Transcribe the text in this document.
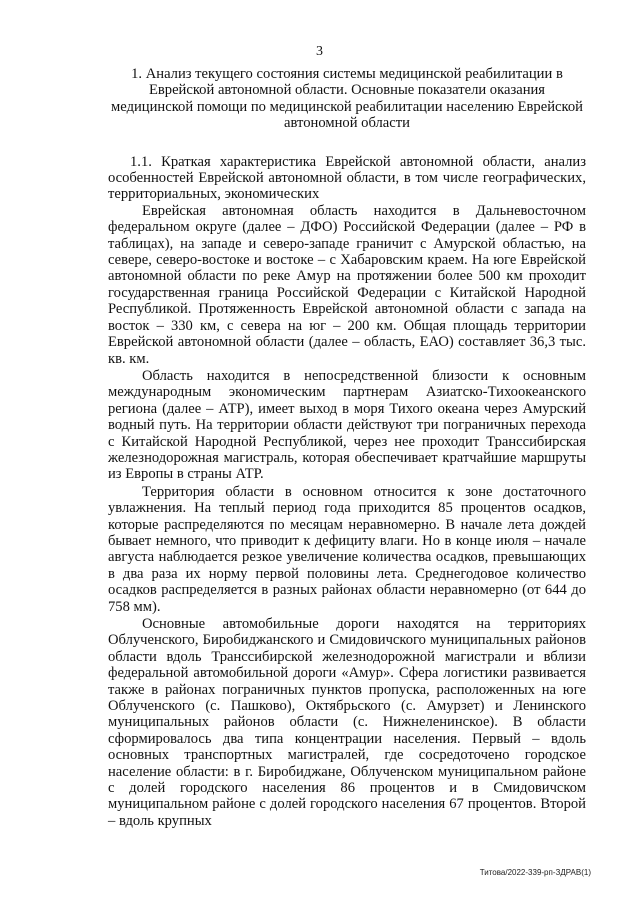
3
1. Анализ текущего состояния системы медицинской реабилитации в Еврейской автономной области. Основные показатели оказания медицинской помощи по медицинской реабилитации населению Еврейской автономной области
1.1. Краткая характеристика Еврейской автономной области, анализ особенностей Еврейской автономной области, в том числе географических, территориальных, экономических

Еврейская автономная область находится в Дальневосточном федеральном округе (далее – ДФО) Российской Федерации (далее – РФ в таблицах), на западе и северо-западе граничит с Амурской областью, на севере, северо-востоке и востоке – с Хабаровским краем. На юге Еврейской автономной области по реке Амур на протяжении более 500 км проходит государственная граница Российской Федерации с Китайской Народной Республикой. Протяженность Еврейской автономной области с запада на восток – 330 км, с севера на юг – 200 км. Общая площадь территории Еврейской автономной области (далее – область, ЕАО) составляет 36,3 тыс. кв. км.

Область находится в непосредственной близости к основным международным экономическим партнерам Азиатско-Тихоокеанского региона (далее – АТР), имеет выход в моря Тихого океана через Амурский водный путь. На территории области действуют три пограничных перехода с Китайской Народной Республикой, через нее проходит Транссибирская железнодорожная магистраль, которая обеспечивает кратчайшие маршруты из Европы в страны АТР.

Территория области в основном относится к зоне достаточного увлажнения. На теплый период года приходится 85 процентов осадков, которые распределяются по месяцам неравномерно. В начале лета дождей бывает немного, что приводит к дефициту влаги. Но в конце июля – начале августа наблюдается резкое увеличение количества осадков, превышающих в два раза их норму первой половины лета. Среднегодовое количество осадков распределяется в разных районах области неравномерно (от 644 до 758 мм).

Основные автомобильные дороги находятся на территориях Облученского, Биробиджанского и Смидовичского муниципальных районов области вдоль Транссибирской железнодорожной магистрали и вблизи федеральной автомобильной дороги «Амур». Сфера логистики развивается также в районах пограничных пунктов пропуска, расположенных на юге Облученского (с. Пашково), Октябрьского (с. Амурзет) и Ленинского муниципальных районов области (с. Нижнеленинское). В области сформировалось два типа концентрации населения. Первый – вдоль основных транспортных магистралей, где сосредоточено городское население области: в г. Биробиджане, Облученском муниципальном районе с долей городского населения 86 процентов и в Смидовичском муниципальном районе с долей городского населения 67 процентов. Второй – вдоль крупных

Титова/2022-339-рп-ЗДРАВ(1)
